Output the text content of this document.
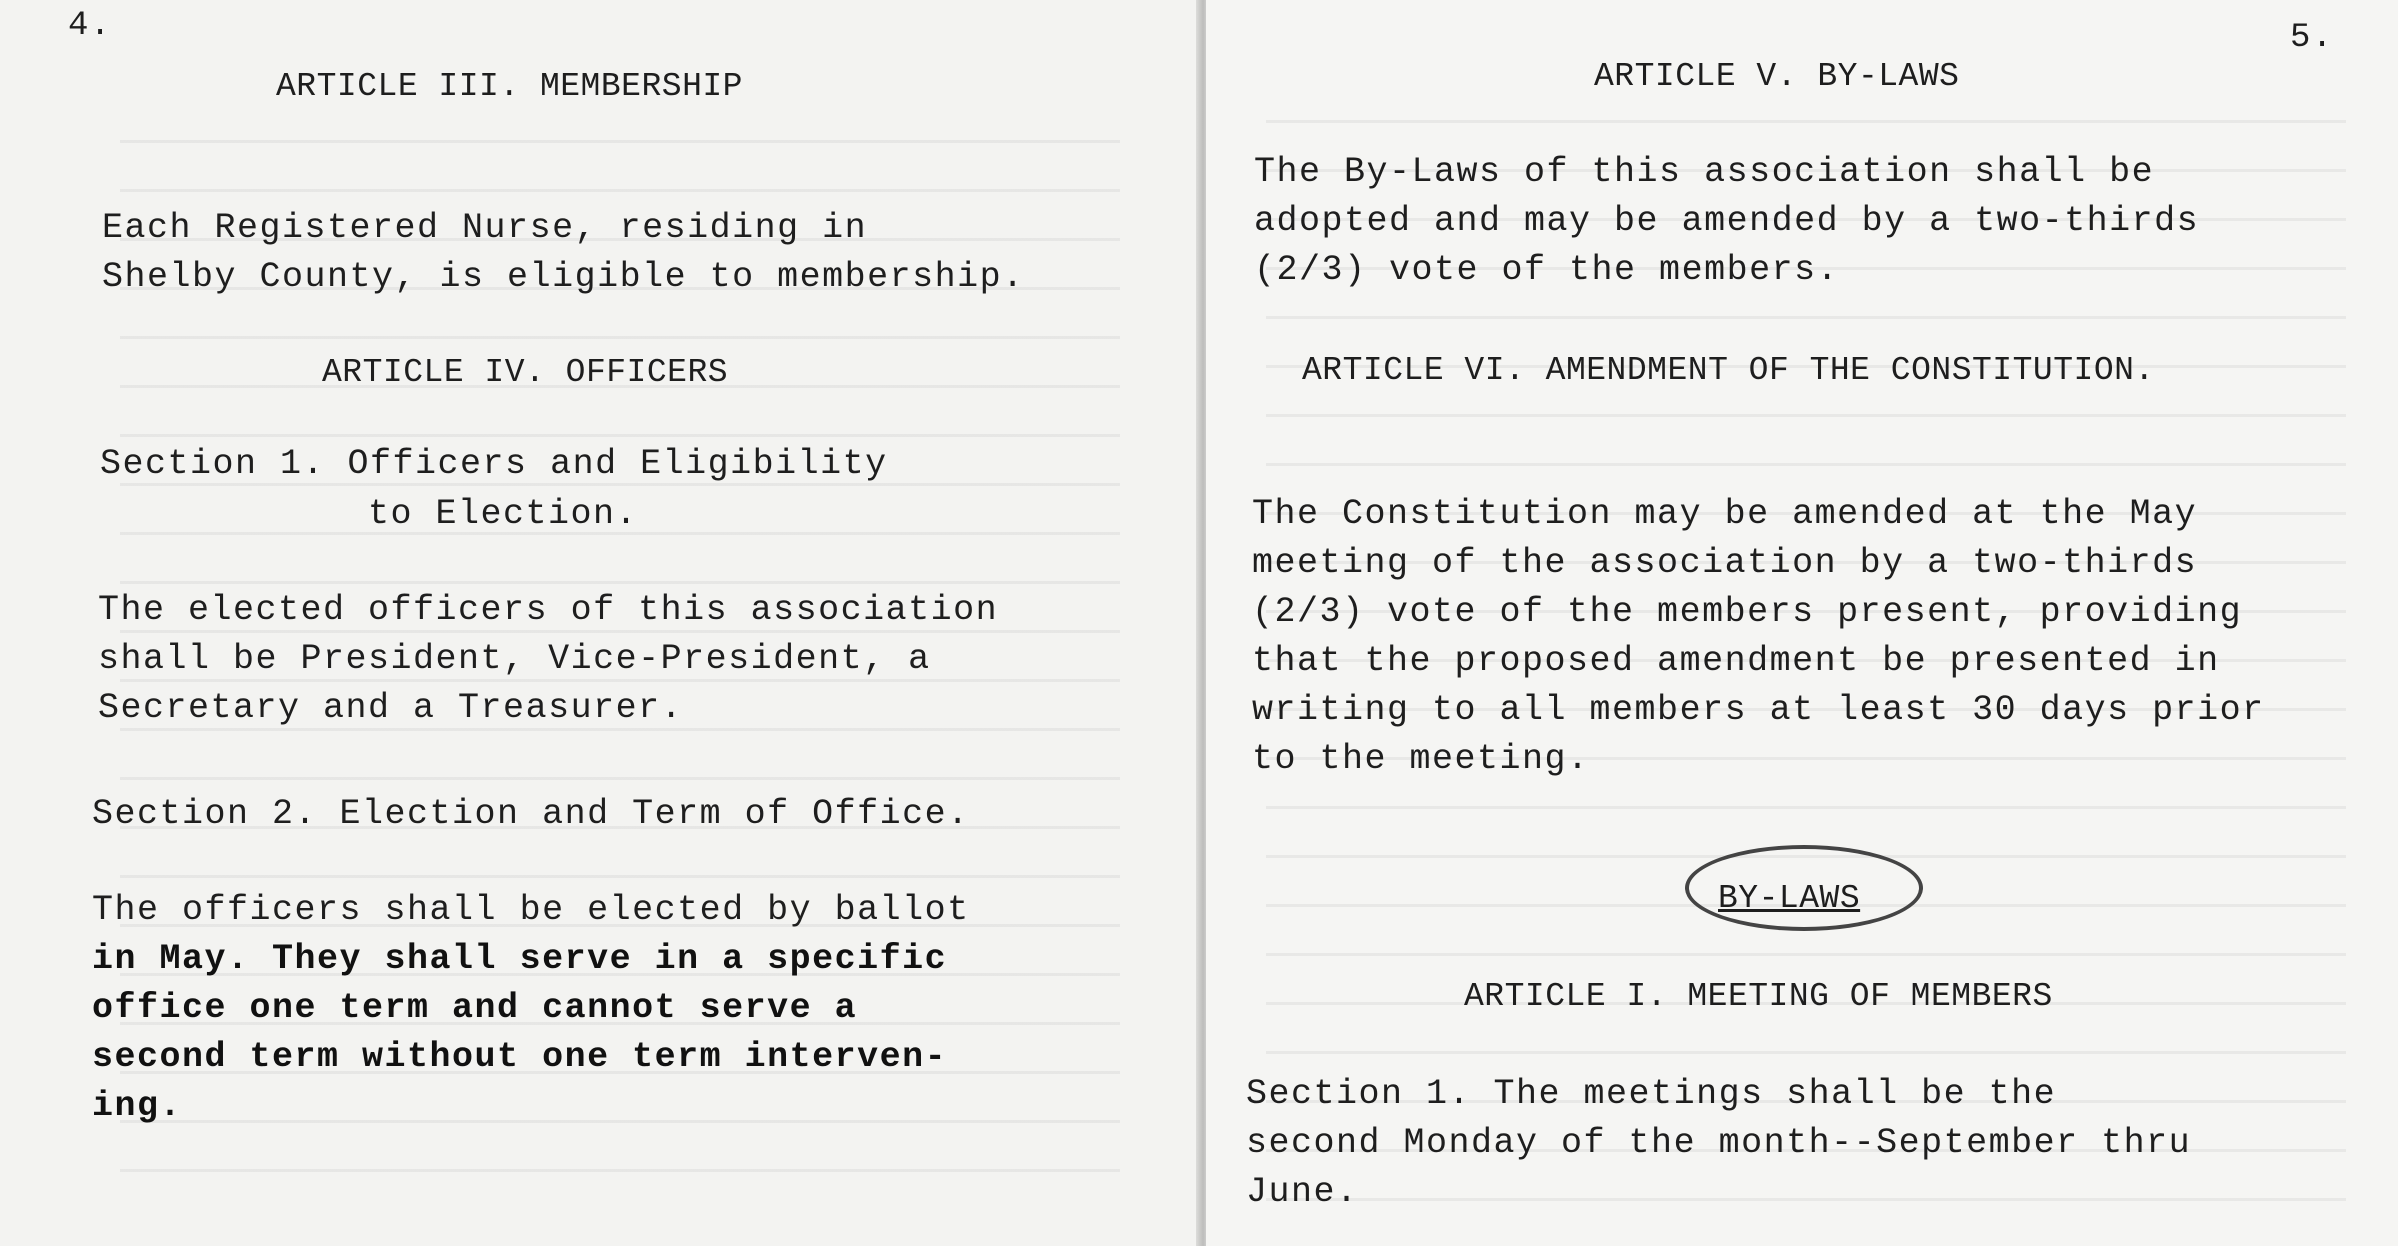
4.
ARTICLE III. MEMBERSHIP
Each Registered Nurse, residing in
Shelby County, is eligible to membership.
ARTICLE IV. OFFICERS
Section 1. Officers and Eligibility
to Election.
The elected officers of this association
shall be President, Vice-President, a
Secretary and a Treasurer.
Section 2. Election and Term of Office.
The officers shall be elected by ballot
in May. They shall serve in a specific
office one term and cannot serve a
second term without one term interven-
ing.
5.
ARTICLE V. BY-LAWS
The By-Laws of this association shall be
adopted and may be amended by a two-thirds
(2/3) vote of the members.
ARTICLE VI. AMENDMENT OF THE CONSTITUTION.
The Constitution may be amended at the May
meeting of the association by a two-thirds
(2/3) vote of the members present, providing
that the proposed amendment be presented in
writing to all members at least 30 days prior
to the meeting.
BY-LAWS
ARTICLE I. MEETING OF MEMBERS
Section 1. The meetings shall be the
second Monday of the month--September thru
June.
